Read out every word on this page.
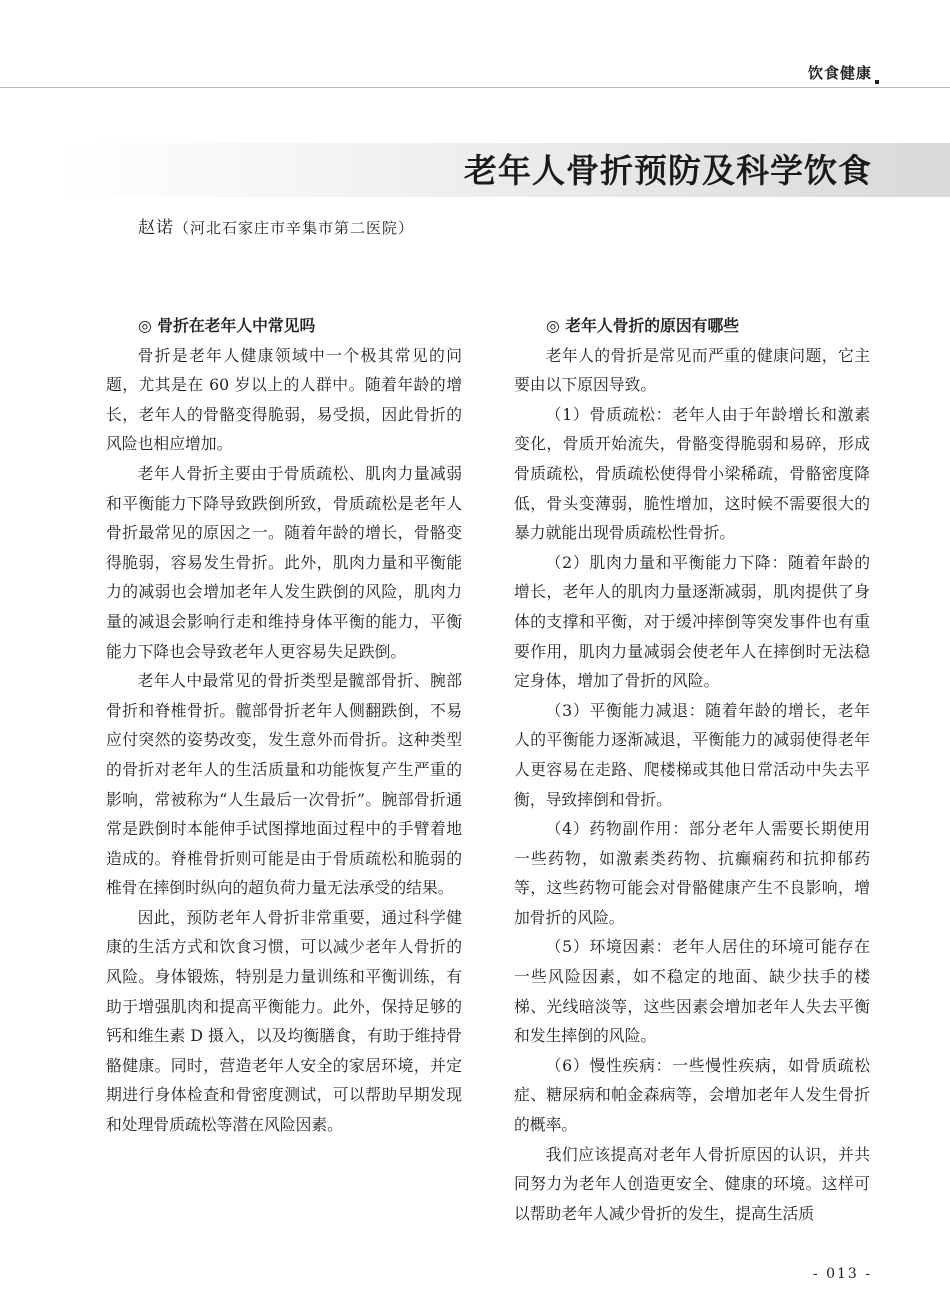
饮食健康
老年人骨折预防及科学饮食
赵诺（河北石家庄市辛集市第二医院）
◎ 骨折在老年人中常见吗

骨折是老年人健康领域中一个极其常见的问题，尤其是在 60 岁以上的人群中。随着年龄的增长，老年人的骨骼变得脆弱，易受损，因此骨折的风险也相应增加。

老年人骨折主要由于骨质疏松、肌肉力量减弱和平衡能力下降导致跌倒所致，骨质疏松是老年人骨折最常见的原因之一。随着年龄的增长，骨骼变得脆弱，容易发生骨折。此外，肌肉力量和平衡能力的减弱也会增加老年人发生跌倒的风险，肌肉力量的减退会影响行走和维持身体平衡的能力，平衡能力下降也会导致老年人更容易失足跌倒。

老年人中最常见的骨折类型是髋部骨折、腕部骨折和脊椎骨折。髋部骨折老年人侧翻跌倒，不易应付突然的姿势改变，发生意外而骨折。这种类型的骨折对老年人的生活质量和功能恢复产生严重的影响，常被称为“人生最后一次骨折”。腕部骨折通常是跌倒时本能伸手试图撑地面过程中的手臂着地造成的。脊椎骨折则可能是由于骨质疏松和脆弱的椎骨在摔倒时纵向的超负荷力量无法承受的结果。

因此，预防老年人骨折非常重要，通过科学健康的生活方式和饮食习惯，可以减少老年人骨折的风险。身体锻炼，特别是力量训练和平衡训练，有助于增强肌肉和提高平衡能力。此外，保持足够的钙和维生素 D 摄入，以及均衡膳食，有助于维持骨骼健康。同时，营造老年人安全的家居环境，并定期进行身体检查和骨密度测试，可以帮助早期发现和处理骨质疏松等潜在风险因素。

◎ 老年人骨折的原因有哪些

老年人的骨折是常见而严重的健康问题，它主要由以下原因导致。

（1）骨质疏松：老年人由于年龄增长和激素变化，骨质开始流失，骨骼变得脆弱和易碎，形成骨质疏松，骨质疏松使得骨小梁稀疏，骨骼密度降低，骨头变薄弱，脆性增加，这时候不需要很大的暴力就能出现骨质疏松性骨折。

（2）肌肉力量和平衡能力下降：随着年龄的增长，老年人的肌肉力量逐渐减弱，肌肉提供了身体的支撑和平衡，对于缓冲摔倒等突发事件也有重要作用，肌肉力量减弱会使老年人在摔倒时无法稳定身体，增加了骨折的风险。

（3）平衡能力减退：随着年龄的增长，老年人的平衡能力逐渐减退，平衡能力的减弱使得老年人更容易在走路、爬楼梯或其他日常活动中失去平衡，导致摔倒和骨折。

（4）药物副作用：部分老年人需要长期使用一些药物，如激素类药物、抗癫痫药和抗抑郁药等，这些药物可能会对骨骼健康产生不良影响，增加骨折的风险。

（5）环境因素：老年人居住的环境可能存在一些风险因素，如不稳定的地面、缺少扶手的楼梯、光线暗淡等，这些因素会增加老年人失去平衡和发生摔倒的风险。

（6）慢性疾病：一些慢性疾病，如骨质疏松症、糖尿病和帕金森病等，会增加老年人发生骨折的概率。

我们应该提高对老年人骨折原因的认识，并共同努力为老年人创造更安全、健康的环境。这样可以帮助老年人减少骨折的发生，提高生活质

- 013 -
